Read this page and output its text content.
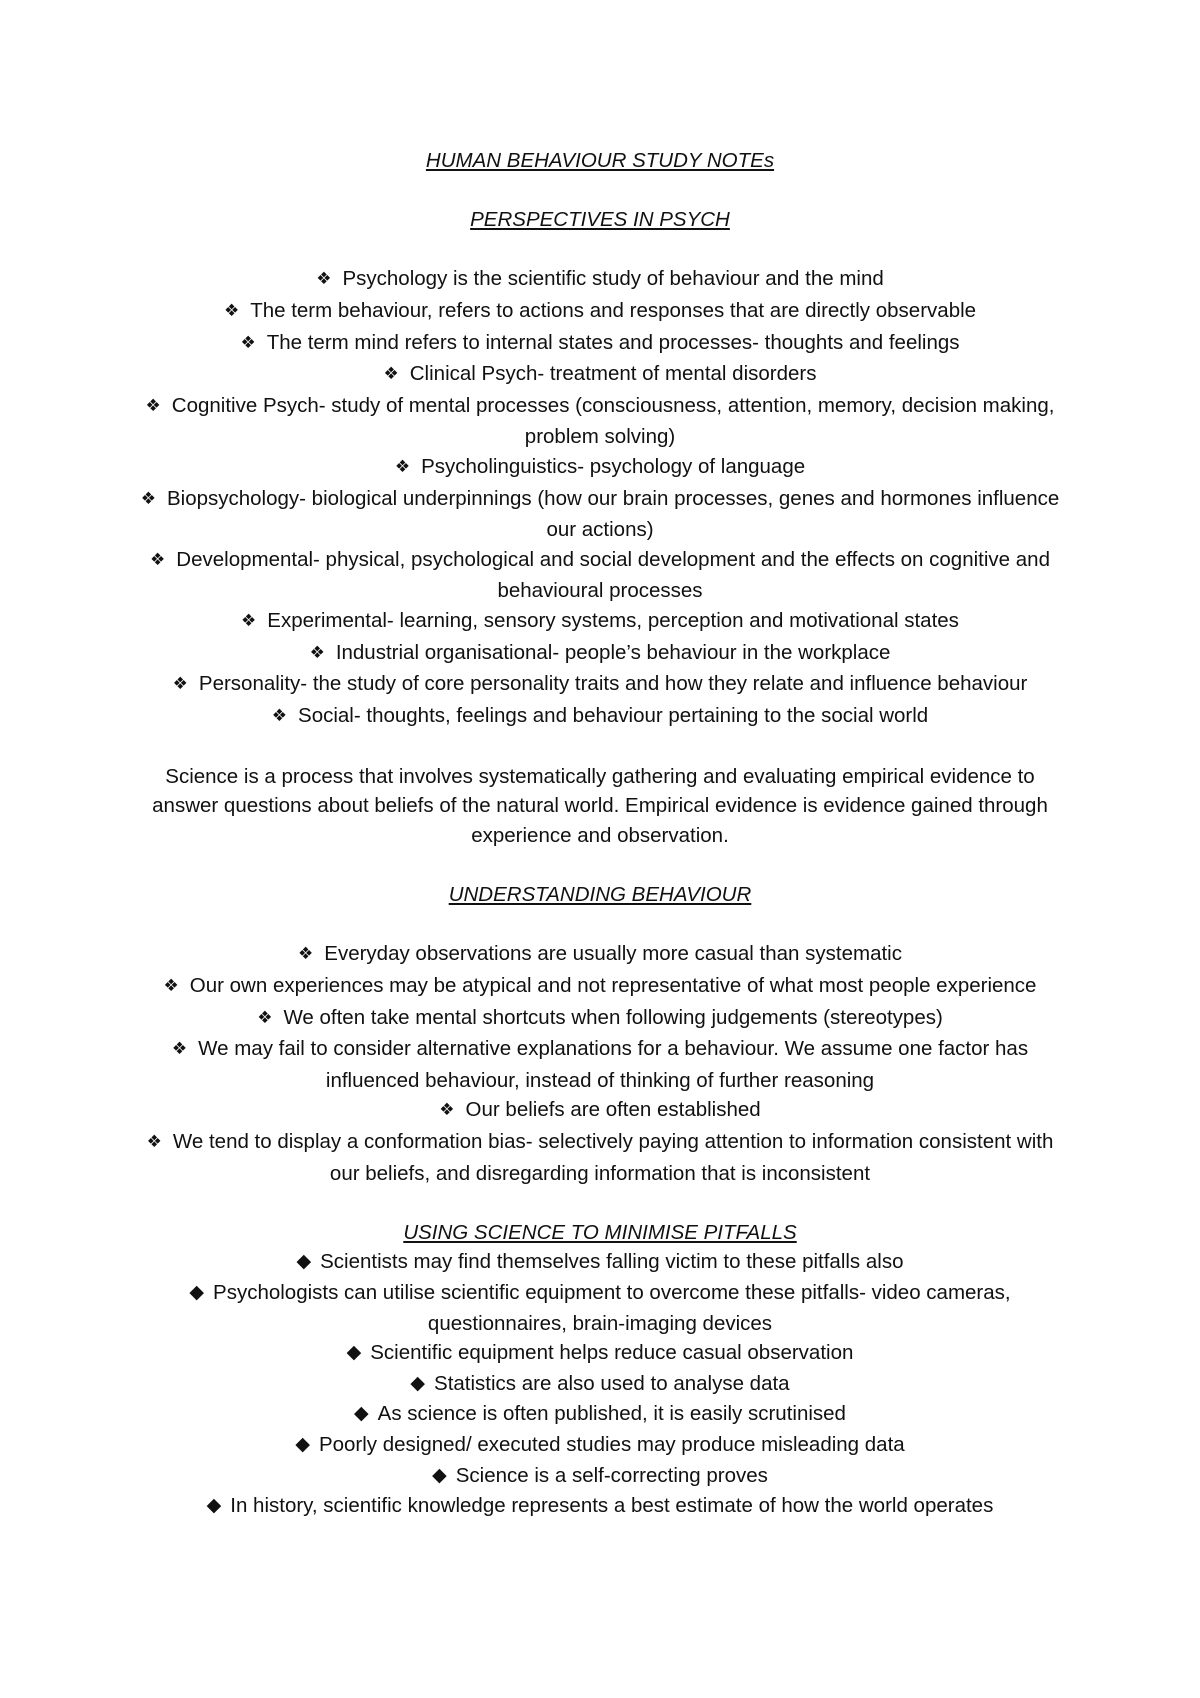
HUMAN BEHAVIOUR STUDY NOTEs

PERSPECTIVES IN PSYCH

❖ Psychology is the scientific study of behaviour and the mind
❖ The term behaviour, refers to actions and responses that are directly observable
❖ The term mind refers to internal states and processes- thoughts and feelings
❖ Clinical Psych- treatment of mental disorders
❖ Cognitive Psych- study of mental processes (consciousness, attention, memory, decision making, problem solving)
❖ Psycholinguistics- psychology of language
❖ Biopsychology- biological underpinnings (how our brain processes, genes and hormones influence our actions)
❖ Developmental- physical, psychological and social development and the effects on cognitive and behavioural processes
❖ Experimental- learning, sensory systems, perception and motivational states
❖ Industrial organisational- people’s behaviour in the workplace
❖ Personality- the study of core personality traits and how they relate and influence behaviour
❖ Social- thoughts, feelings and behaviour pertaining to the social world

Science is a process that involves systematically gathering and evaluating empirical evidence to answer questions about beliefs of the natural world. Empirical evidence is evidence gained through experience and observation.

UNDERSTANDING BEHAVIOUR

❖ Everyday observations are usually more casual than systematic
❖ Our own experiences may be atypical and not representative of what most people experience
❖ We often take mental shortcuts when following judgements (stereotypes)
❖ We may fail to consider alternative explanations for a behaviour. We assume one factor has influenced behaviour, instead of thinking of further reasoning
❖ Our beliefs are often established
❖ We tend to display a conformation bias- selectively paying attention to information consistent with our beliefs, and disregarding information that is inconsistent

USING SCIENCE TO MINIMISE PITFALLS

◆ Scientists may find themselves falling victim to these pitfalls also
◆ Psychologists can utilise scientific equipment to overcome these pitfalls- video cameras, questionnaires, brain-imaging devices
◆ Scientific equipment helps reduce casual observation
◆ Statistics are also used to analyse data
◆ As science is often published, it is easily scrutinised
◆ Poorly designed/ executed studies may produce misleading data
◆ Science is a self-correcting proves
◆ In history, scientific knowledge represents a best estimate of how the world operates
